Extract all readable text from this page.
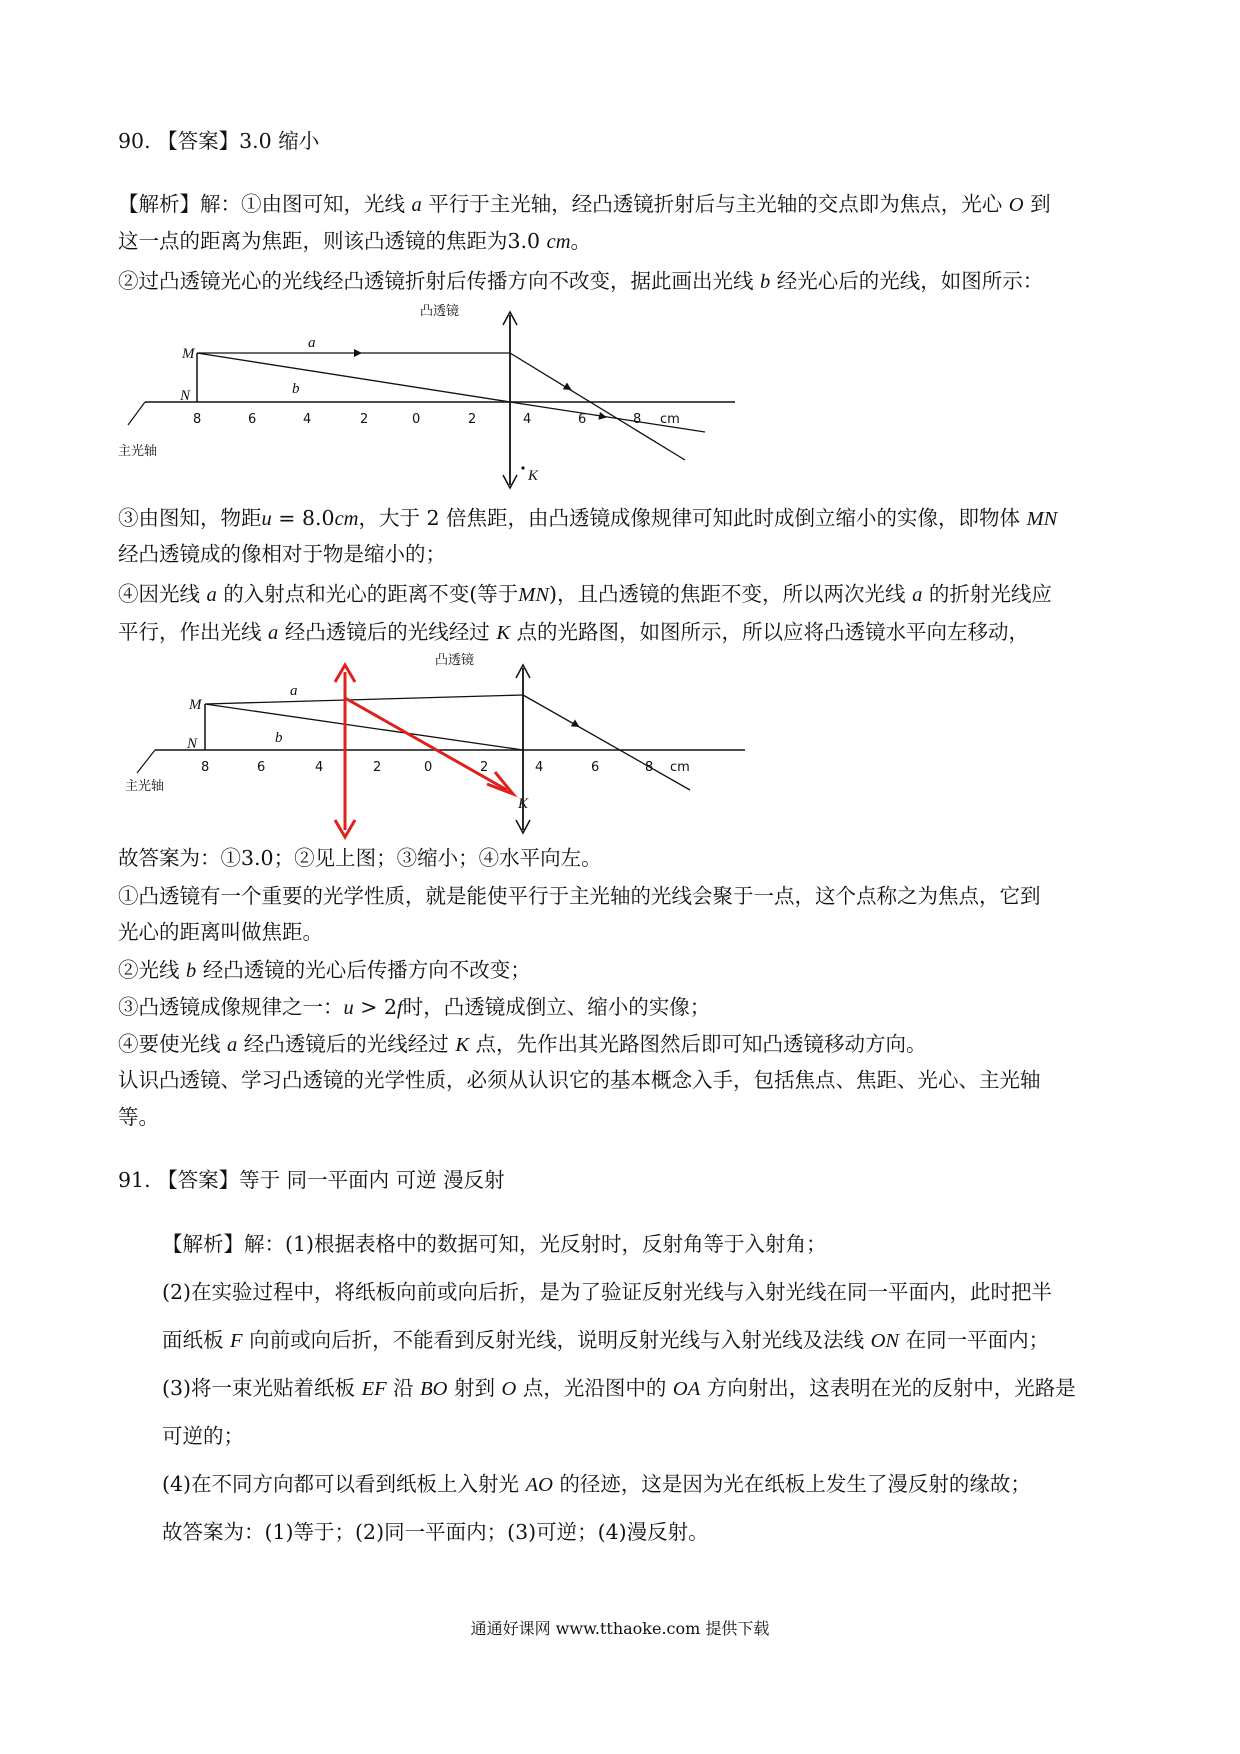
90. 【答案】3.0 缩小
【解析】解：①由图可知，光线 a 平行于主光轴，经凸透镜折射后与主光轴的交点即为焦点，光心 O 到
这一点的距离为焦距，则该凸透镜的焦距为3.0 cm。
②过凸透镜光心的光线经凸透镜折射后传播方向不改变，据此画出光线 b 经光心后的光线，如图所示：
凸透镜
M
N
a
b
8	6	4	2	0	2	4	6	8 cm
K
主光轴
③由图知，物距u = 8.0cm，大于 2 倍焦距，由凸透镜成像规律可知此时成倒立缩小的实像，即物体 MN
经凸透镜成的像相对于物是缩小的；
④因光线 a 的入射点和光心的距离不变(等于MN)，且凸透镜的焦距不变，所以两次光线 a 的折射光线应
平行，作出光线 a 经凸透镜后的光线经过 K 点的光路图，如图所示，所以应将凸透镜水平向左移动，
凸透镜
M
N
a
b
8	6	4	2	0	2	4	6	8 cm
K
主光轴
故答案为：①3.0；②见上图；③缩小；④水平向左。
①凸透镜有一个重要的光学性质，就是能使平行于主光轴的光线会聚于一点，这个点称之为焦点，它到
光心的距离叫做焦距。
②光线 b 经凸透镜的光心后传播方向不改变；
③凸透镜成像规律之一：u > 2f时，凸透镜成倒立、缩小的实像；
④要使光线 a 经凸透镜后的光线经过 K 点，先作出其光路图然后即可知凸透镜移动方向。
认识凸透镜、学习凸透镜的光学性质，必须从认识它的基本概念入手，包括焦点、焦距、光心、主光轴
等。
91. 【答案】等于 同一平面内 可逆 漫反射
【解析】解：(1)根据表格中的数据可知，光反射时，反射角等于入射角；
(2)在实验过程中，将纸板向前或向后折，是为了验证反射光线与入射光线在同一平面内，此时把半
面纸板 F 向前或向后折，不能看到反射光线，说明反射光线与入射光线及法线 ON 在同一平面内；
(3)将一束光贴着纸板 EF 沿 BO 射到 O 点，光沿图中的 OA 方向射出，这表明在光的反射中，光路是
可逆的；
(4)在不同方向都可以看到纸板上入射光 AO 的径迹，这是因为光在纸板上发生了漫反射的缘故；
故答案为：(1)等于；(2)同一平面内；(3)可逆；(4)漫反射。
通通好课网 www.tthaoke.com 提供下载
